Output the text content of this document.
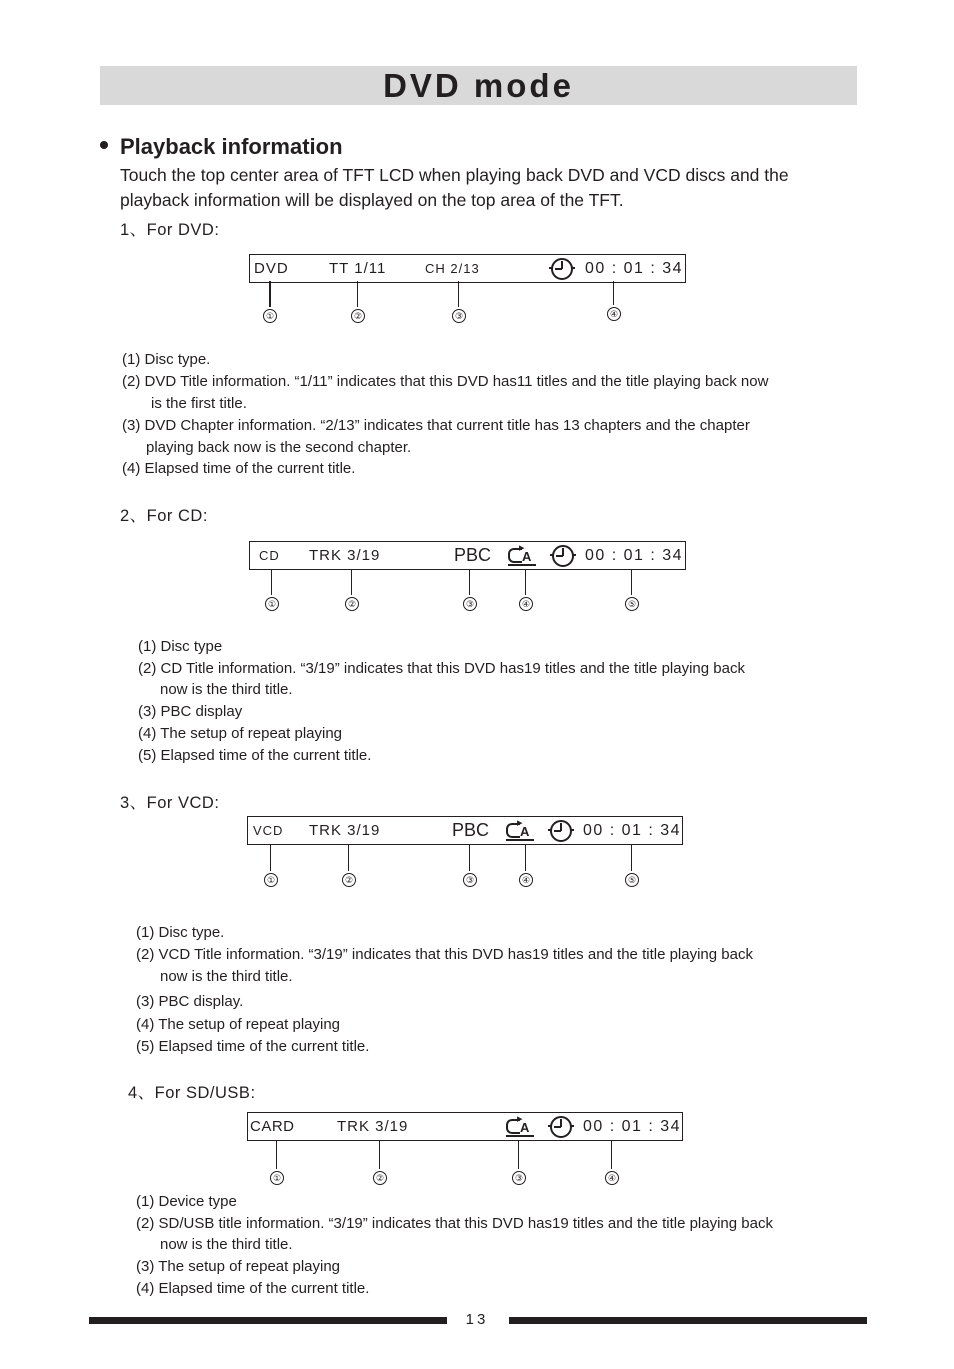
DVD mode
Playback information
Touch the top center area of TFT LCD when playing back DVD and VCD discs and the
playback information will be displayed on the top area of the TFT.
1、For DVD:
DVD	TT 1/11	CH 2/13	00 : 01 : 34
①	②	③	④
(1) Disc type.
(2) DVD Title information. “1/11” indicates that this DVD has11 titles and the title playing back now
is the first title.
(3) DVD Chapter information. “2/13” indicates that current title has 13 chapters and the chapter
playing back now is the second chapter.
(4) Elapsed time of the current title.
2、For CD:
CD TRK 3/19	PBC	▸
A	00 : 01 : 34
①	②	③	④	⑤
(1) Disc type
(2) CD Title information. “3/19” indicates that this DVD has19 titles and the title playing back
now is the third title.
(3) PBC display
(4) The setup of repeat playing
(5) Elapsed time of the current title.
3、For VCD:
VCD TRK 3/19	PBC	▸
A	00 : 01 : 34
①	②	③	④	⑤
(1) Disc type.
(2) VCD Title information. “3/19” indicates that this DVD has19 titles and the title playing back
now is the third title.
(3) PBC display.
(4) The setup of repeat playing
(5) Elapsed time of the current title.
4、For SD/USB:
CARD	TRK 3/19	▸
A	00 : 01 : 34
①	②	③	④
(1) Device type
(2) SD/USB title information. “3/19” indicates that this DVD has19 titles and the title playing back
now is the third title.
(3) The setup of repeat playing
(4) Elapsed time of the current title.
13
